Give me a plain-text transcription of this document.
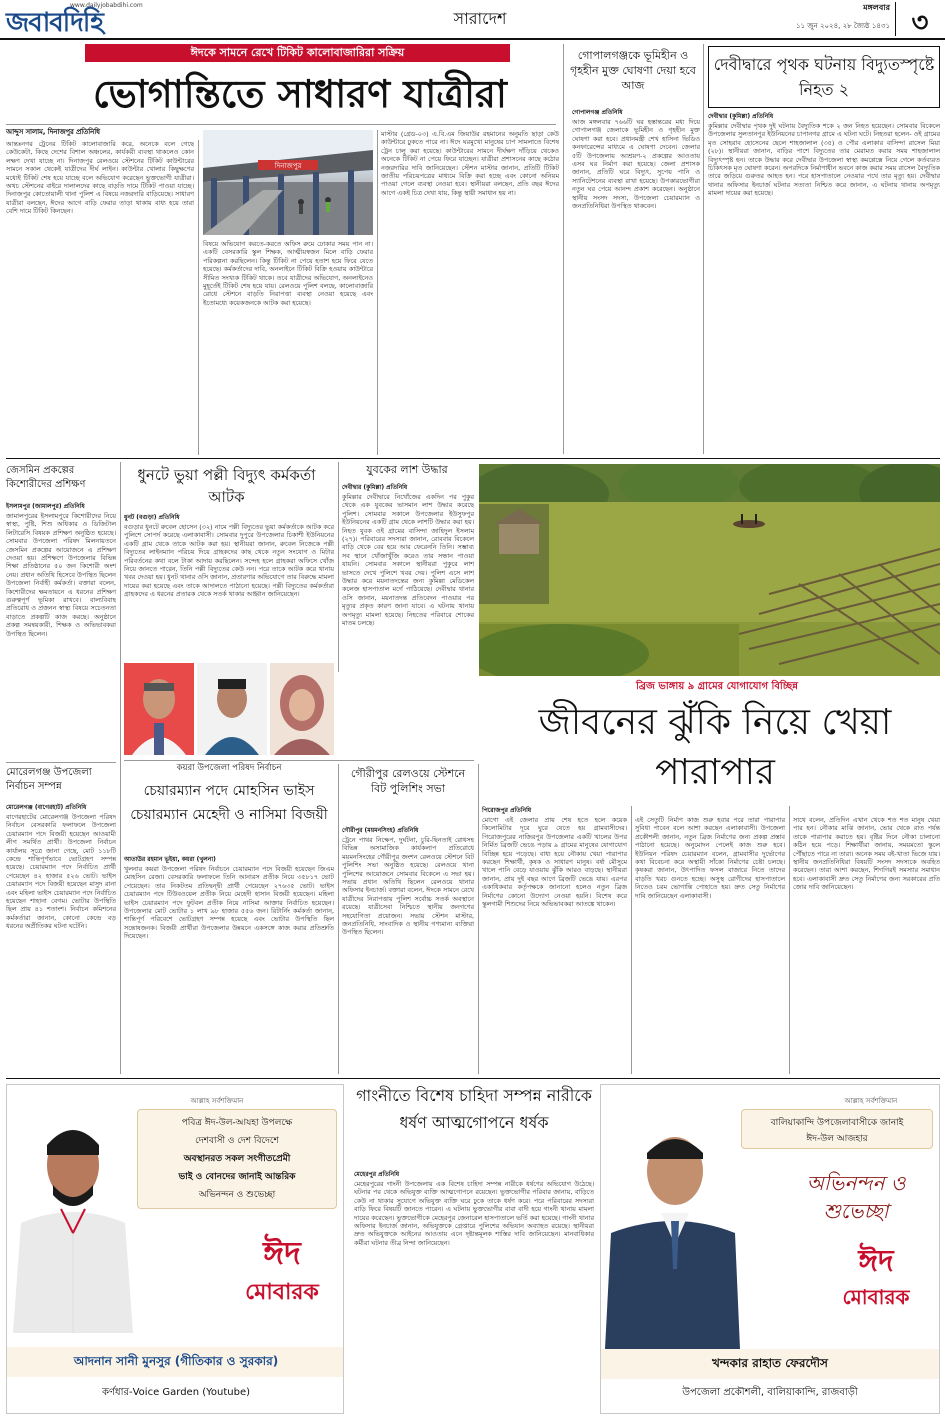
জবাবদিহি
www.dailyjobabdihi.com
সারাদেশ
মঙ্গলবার
১১ জুন ২০২৪, ২৮ জ্যৈষ্ঠ ১৪৩১ ৩
ঈদকে সামনে রেখে টিকিট কালোবাজারিরা সক্রিয়
ভোগান্তিতে সাধারণ যাত্রীরা
আব্দুস সালাম, দিনাজপুর প্রতিনিধি
আন্তঃনগর ট্রেনের টিকিট কালোবাজারি করে, অনেকে বলে গেছে কেউকেটা, কিছে দেশের বিশাল অঞ্চলের, কার্যকরী ব্যবস্থা থাকলেও কোন লক্ষণ দেখা যাচ্ছে না। দিনাজপুর রেলওয়ে স্টেশনের টিকিট কাউন্টারের সামনে সকাল থেকেই যাত্রীদের দীর্ঘ লাইন। কাউন্টার খোলার কিছুক্ষণের মধ্যেই টিকিট শেষ হয়ে যাচ্ছে বলে অভিযোগ করেছেন ভুক্তভোগী যাত্রীরা। অথচ স্টেশনের বাইরে দালালদের কাছে বাড়তি দামে টিকিট পাওয়া যাচ্ছে। দিনাজপুর কোতোয়ালী থানা পুলিশ এ বিষয়ে নজরদারি বাড়িয়েছে। সাধারণ যাত্রীরা বলছেন, ঈদের আগে বাড়ি ফেরার তাড়া থাকায় বাধ্য হয়ে তারা বেশি দামে টিকিট কিনছেন।
দিনাজপুর
বিষয়ে অভিযোগ করতে-করতে অফিস রুমে ঢোকার সময় পান না। একটি বেসরকারি স্কুল শিক্ষক, আত্মীয়স্বজন মিলে বাড়ি ফেরার পরিকল্পনা করছিলেন। কিন্তু টিকিট না পেয়ে হতাশ হয়ে ফিরে যেতে হয়েছে। কর্মকর্তাদের দাবি, অনলাইনে টিকিট বিক্রি হওয়ায় কাউন্টারে সীমিত সংখ্যক টিকিট থাকে। তবে যাত্রীদের অভিযোগ, অনলাইনেও মুহূর্তেই টিকিট শেষ হয়ে যায়। রেলওয়ে পুলিশ বলছে, কালোবাজারি রোধে স্টেশনে বাড়তি নিরাপত্তা ব্যবস্থা নেওয়া হয়েছে এবং ইতোমধ্যে কয়েকজনকে আটক করা হয়েছে।
মাস্টার (গ্রেড-০৩) এ.বি.এম জিয়াউর রহমানের অনুমতি ছাড়া কেউ কাউন্টারে ঢুকতে পারে না। ঈদে ঘরমুখো মানুষের চাপ সামলাতে বিশেষ ট্রেন চালু করা হয়েছে। কাউন্টারের সামনে দীর্ঘক্ষণ দাঁড়িয়ে থেকেও অনেকে টিকিট না পেয়ে ফিরে যাচ্ছেন। যাত্রীরা প্রশাসনের কাছে কঠোর নজরদারির দাবি জানিয়েছেন। স্টেশন মাস্টার জানান, প্রতিটি টিকিট জাতীয় পরিচয়পত্রের মাধ্যমে বিক্রি করা হচ্ছে এবং কোনো অনিয়ম পাওয়া গেলে ব্যবস্থা নেওয়া হবে। স্থানীয়রা বলছেন, প্রতি বছর ঈদের আগে একই চিত্র দেখা যায়, কিন্তু স্থায়ী সমাধান হয় না।
গোপালগঞ্জকে ভূমিহীন ও গৃহহীন মুক্ত ঘোষণা দেয়া হবে আজ
গোপালগঞ্জ প্রতিনিধি
আজ মঙ্গলবার ৭৬৬টি ঘর হস্তান্তরের মধ্য দিয়ে গোপালগঞ্জ জেলাকে ভূমিহীন ও গৃহহীন মুক্ত ঘোষণা করা হবে। প্রধানমন্ত্রী শেখ হাসিনা ভিডিও কনফারেন্সের মাধ্যমে এ ঘোষণা দেবেন। জেলার ৫টি উপজেলায় আশ্রয়ণ-২ প্রকল্পের আওতায় এসব ঘর নির্মাণ করা হয়েছে। জেলা প্রশাসক জানান, প্রতিটি ঘরে বিদ্যুৎ, সুপেয় পানি ও স্যানিটেশনের ব্যবস্থা রাখা হয়েছে। উপকারভোগীরা নতুন ঘর পেয়ে আনন্দ প্রকাশ করেছেন। অনুষ্ঠানে স্থানীয় সংসদ সদস্য, উপজেলা চেয়ারম্যান ও জনপ্রতিনিধিরা উপস্থিত থাকবেন।
দেবীদ্বারে পৃথক ঘটনায় বিদ্যুতস্পৃষ্টে নিহত ২
দেবীদ্বার (কুমিল্লা) প্রতিনিধি
কুমিল্লার দেবীদ্বার পৃথক দুই ঘটনায় বৈদ্যুতিক শকে ২ জন নিহত হয়েছেন। সোমবার বিকেলে উপজেলার সুলতানপুর ইউনিয়নের চাপানগর গ্রামে এ ঘটনা ঘটে। নিহতরা হলেন- ওই গ্রামের মৃত সোহরাব হোসেনের ছেলে শাহজালাল (৩৫) ও পৌর এলাকার বাসিন্দা রাসেল মিয়া (২৮)। স্থানীয়রা জানান, বাড়ির পাশে বিদ্যুতের তার মেরামত করার সময় শাহজালাল বিদ্যুৎস্পৃষ্ট হন। তাকে উদ্ধার করে দেবীদ্বার উপজেলা স্বাস্থ্য কমপ্লেক্সে নিয়ে গেলে কর্তব্যরত চিকিৎসক মৃত ঘোষণা করেন। অপরদিকে নির্মাণাধীন ভবনে কাজ করার সময় রাসেল বৈদ্যুতিক তারে জড়িয়ে গুরুতর আহত হন। পরে হাসপাতালে নেওয়ার পথে তার মৃত্যু হয়। দেবীদ্বার থানার অফিসার ইনচার্জ ঘটনার সত্যতা নিশ্চিত করে জানান, এ ঘটনায় থানায় অপমৃত্যু মামলা দায়ের করা হয়েছে।
জেসমিন প্রকল্পের কিশোরীদের প্রশিক্ষণ
ইসলামপুর (জামালপুর) প্রতিনিধি
জামালপুরের ইসলামপুরে কিশোরীদের নিয়ে স্বাস্থ্য, পুষ্টি, শিশু অধিকার ও ডিজিটাল লিটারেসি বিষয়ক প্রশিক্ষণ অনুষ্ঠিত হয়েছে। সোমবার উপজেলা পরিষদ মিলনায়তনে জেসমিন প্রকল্পের আয়োজনে এ প্রশিক্ষণ দেওয়া হয়। প্রশিক্ষণে উপজেলার বিভিন্ন শিক্ষা প্রতিষ্ঠানের ৫০ জন কিশোরী অংশ নেয়। প্রধান অতিথি হিসেবে উপস্থিত ছিলেন উপজেলা নির্বাহী কর্মকর্তা। বক্তারা বলেন, কিশোরীদের ক্ষমতায়নে এ ধরনের প্রশিক্ষণ গুরুত্বপূর্ণ ভূমিকা রাখবে। বাল্যবিবাহ প্রতিরোধ ও প্রজনন স্বাস্থ্য বিষয়ে সচেতনতা বাড়াতে প্রকল্পটি কাজ করছে। অনুষ্ঠানে প্রকল্প সমন্বয়কারী, শিক্ষক ও অভিভাবকরা উপস্থিত ছিলেন।
মোরেলগঞ্জ উপজেলা নির্বাচন সম্পন্ন
মোরেলগঞ্জ (বাগেরহাট) প্রতিনিধি
বাগেরহাটের মোরেলগঞ্জ উপজেলা পরিষদ নির্বাচন বেসরকারি ফলাফলে উপজেলা চেয়ারম্যান পদে বিজয়ী হয়েছেন আওয়ামী লীগ সমর্থিত প্রার্থী। উপজেলা নির্বাচন কার্যালয় সূত্রে জানা গেছে, মোট ১১৮টি কেন্দ্রে শান্তিপূর্ণভাবে ভোটগ্রহণ সম্পন্ন হয়েছে। চেয়ারম্যান পদে নির্বাচিত প্রার্থী পেয়েছেন ৪২ হাজার ৫২৬ ভোট। ভাইস চেয়ারম্যান পদে বিজয়ী হয়েছেন মাসুদ রানা এবং মহিলা ভাইস চেয়ারম্যান পদে নির্বাচিত হয়েছেন শাহানা বেগম। ভোটার উপস্থিতি ছিল প্রায় ৪১ শতাংশ। নির্বাচন কমিশনের কর্মকর্তারা জানান, কোনো কেন্দ্রে বড় ধরনের অপ্রীতিকর ঘটনা ঘটেনি।
ধুনটে ভুয়া পল্লী বিদ্যুৎ কর্মকর্তা আটক
ধুনট (বগুড়া) প্রতিনিধি
বগুড়ার ধুনটে রুবেল হোসেন (৩২) নামে পল্লী বিদ্যুতের ভুয়া কর্মকর্তাকে আটক করে পুলিশে সোপর্দ করেছে এলাকাবাসী। সোমবার দুপুরে উপজেলার চিকাশী ইউনিয়নের একটি গ্রাম থেকে তাকে আটক করা হয়। স্থানীয়রা জানান, রুবেল নিজেকে পল্লী বিদ্যুতের লাইনম্যান পরিচয় দিয়ে গ্রাহকদের কাছ থেকে নতুন সংযোগ ও মিটার পরিবর্তনের কথা বলে টাকা আদায় করছিলেন। সন্দেহ হলে গ্রাহকরা অফিসে খোঁজ নিয়ে জানতে পারেন, তিনি পল্লী বিদ্যুতের কেউ নন। পরে তাকে আটক করে থানায় খবর দেওয়া হয়। ধুনট থানার ওসি জানান, প্রতারণার অভিযোগে তার বিরুদ্ধে মামলা দায়ের করা হয়েছে এবং তাকে আদালতে পাঠানো হয়েছে। পল্লী বিদ্যুতের কর্মকর্তারা গ্রাহকদের এ ধরনের প্রতারক থেকে সতর্ক থাকার আহ্বান জানিয়েছেন।
যুবকের লাশ উদ্ধার
দেবীদ্বার (কুমিল্লা) প্রতিনিধি
কুমিল্লার দেবীদ্বারে নিখোঁজের একদিন পর পুকুর থেকে এক যুবকের ভাসমান লাশ উদ্ধার করেছে পুলিশ। সোমবার সকালে উপজেলার ইউসুফপুর ইউনিয়নের একটি গ্রাম থেকে লাশটি উদ্ধার করা হয়। নিহত যুবক ওই গ্রামের বাসিন্দা জাহিদুল ইসলাম (২৭)। পরিবারের সদস্যরা জানান, রোববার বিকেলে বাড়ি থেকে বের হয়ে আর ফেরেননি তিনি। সম্ভাব্য সব স্থানে খোঁজাখুঁজি করেও তার সন্ধান পাওয়া যায়নি। সোমবার সকালে স্থানীয়রা পুকুরে লাশ ভাসতে দেখে পুলিশে খবর দেয়। পুলিশ এসে লাশ উদ্ধার করে ময়নাতদন্তের জন্য কুমিল্লা মেডিকেল কলেজ হাসপাতাল মর্গে পাঠিয়েছে। দেবীদ্বার থানার ওসি জানান, ময়নাতদন্ত প্রতিবেদন পাওয়ার পর মৃত্যুর প্রকৃত কারণ জানা যাবে। এ ঘটনায় থানায় অপমৃত্যু মামলা হয়েছে। নিহতের পরিবারে শোকের মাতম চলছে।
ব্রিজ ভাঙ্গায় ৯ গ্রামের যোগাযোগ বিচ্ছিন্ন
জীবনের ঝুঁকি নিয়ে খেয়া পারাপার
কয়রা উপজেলা পরিষদ নির্বাচন
চেয়ারম্যান পদে মোহসিন ভাইস চেয়ারম্যান মেহেদী ও নাসিমা বিজয়ী
আতাউর রহমান ভূইয়া, কয়রা (খুলনা)
খুলনার কয়রা উপজেলা পরিষদ নির্বাচনে চেয়ারম্যান পদে বিজয়ী হয়েছেন জিএম মোহসিন রেজা। বেসরকারি ফলাফলে তিনি আনারস প্রতীক নিয়ে ৩৫৮১৭ ভোট পেয়েছেন। তার নিকটতম প্রতিদ্বন্দ্বী প্রার্থী পেয়েছেন ২৭৬৩৫ ভোট। ভাইস চেয়ারম্যান পদে টিউবওয়েল প্রতীক নিয়ে মেহেদী হাসান বিজয়ী হয়েছেন। মহিলা ভাইস চেয়ারম্যান পদে ফুটবল প্রতীক নিয়ে নাসিমা আক্তার নির্বাচিত হয়েছেন। উপজেলার মোট ভোটার ১ লাখ ৯৮ হাজার ৫৫৬ জন। রিটার্নিং কর্মকর্তা জানান, শান্তিপূর্ণ পরিবেশে ভোটগ্রহণ সম্পন্ন হয়েছে এবং ভোটার উপস্থিতি ছিল সন্তোষজনক। বিজয়ী প্রার্থীরা উপজেলার উন্নয়নে একসঙ্গে কাজ করার প্রতিশ্রুতি দিয়েছেন।
গৌরীপুর রেলওয়ে স্টেশনে বিট পুলিশিং সভা
গৌরীপুর (ময়মনসিংহ) প্রতিনিধি
ট্রেনে পাথর নিক্ষেপ, দুর্ঘটনা, চুরি-ছিনতাই রোধসহ বিভিন্ন অসামাজিক কার্যকলাপ প্রতিরোধে ময়মনসিংহের গৌরীপুর জংশন রেলওয়ে স্টেশনে বিট পুলিশিং সভা অনুষ্ঠিত হয়েছে। রেলওয়ে থানা পুলিশের আয়োজনে সোমবার বিকেলে এ সভা হয়। সভায় প্রধান অতিথি ছিলেন রেলওয়ে থানার অফিসার ইনচার্জ। বক্তারা বলেন, ঈদকে সামনে রেখে যাত্রীদের নিরাপত্তায় পুলিশ সর্বোচ্চ সতর্ক অবস্থানে রয়েছে। যাত্রীসেবা নিশ্চিতে স্থানীয় জনগণের সহযোগিতা প্রয়োজন। সভায় স্টেশন মাস্টার, জনপ্রতিনিধি, সাংবাদিক ও স্থানীয় গণ্যমান্য ব্যক্তিরা উপস্থিত ছিলেন।
পিরোজপুর প্রতিনিধি
মোগো এই জেলার প্রায় শেষ হতে হলে কয়েক কিলোমিটার দূরে ঘুরে যেতে হয় গ্রামবাসীদের। পিরোজপুরের নাজিরপুর উপজেলার একটি খালের উপর নির্মিত ব্রিজটি ভেঙে পড়ায় ৯ গ্রামের মানুষের যোগাযোগ বিচ্ছিন্ন হয়ে পড়েছে। বাধ্য হয়ে নৌকায় খেয়া পারাপার করছেন শিক্ষার্থী, কৃষক ও সাধারণ মানুষ। বর্ষা মৌসুমে খালে পানি বেড়ে যাওয়ায় ঝুঁকি আরও বাড়ছে। স্থানীয়রা জানান, প্রায় দুই বছর আগে ব্রিজটি ভেঙে যায়। এরপর একাধিকবার কর্তৃপক্ষকে জানানো হলেও নতুন ব্রিজ নির্মাণের কোনো উদ্যোগ নেওয়া হয়নি। বিশেষ করে স্কুলগামী শিশুদের নিয়ে অভিভাবকরা আতঙ্কে থাকেন।
এই সেতুটি নির্মাণ কাজ শুরু হবার পরে তারা পারাপার সুবিধা পাবেন বলে আশা করছেন এলাকাবাসী। উপজেলা প্রকৌশলী জানান, নতুন ব্রিজ নির্মাণের জন্য প্রকল্প প্রস্তাব পাঠানো হয়েছে। অনুমোদন পেলেই কাজ শুরু হবে। ইউনিয়ন পরিষদ চেয়ারম্যান বলেন, গ্রামবাসীর দুর্ভোগের কথা বিবেচনা করে অস্থায়ী সাঁকো নির্মাণের চেষ্টা চলছে। কৃষকরা জানান, উৎপাদিত ফসল বাজারে নিতে তাদের বাড়তি খরচ গুনতে হচ্ছে। অসুস্থ রোগীদের হাসপাতালে নিতেও চরম ভোগান্তি পোহাতে হয়। দ্রুত সেতু নির্মাণের দাবি জানিয়েছেন এলাকাবাসী।
সাথে বলেন, প্রতিদিন এখান থেকে শত শত মানুষ খেয়া পার হন। নৌকার মাঝি জানান, ভোর থেকে রাত পর্যন্ত তাকে পারাপার করাতে হয়। বৃষ্টির দিনে নৌকা চালানো কঠিন হয়ে পড়ে। শিক্ষার্থীরা জানায়, সময়মতো স্কুলে পৌঁছাতে পারে না তারা। অনেক সময় বই-খাতা ভিজে যায়। স্থানীয় জনপ্রতিনিধিরা বিষয়টি সংসদ সদস্যকে অবহিত করেছেন। তারা আশা করছেন, শিগগিরই সমস্যার সমাধান হবে। এলাকাবাসী দ্রুত সেতু নির্মাণের জন্য সরকারের প্রতি জোর দাবি জানিয়েছেন।
আল্লাহ সর্বশক্তিমান
পবিত্র ঈদ-উল-আযহা উপলক্ষে
দেশবাসী ও দেশ বিদেশে
অবস্থানরত সকল সংগীতপ্রেমী
ভাই ও বোনদের জানাই আন্তরিক
অভিনন্দন ও শুভেচ্ছা
ঈদ
মোবারক
আদনান সানী মুনসুর (গীতিকার ও সুরকার)
কর্ণধার-Voice Garden (Youtube)
গাংনীতে বিশেষ চাহিদা সম্পন্ন নারীকে ধর্ষণ আত্মগোপনে ধর্ষক
মেহেরপুর প্রতিনিধি
মেহেরপুরের গাংনী উপজেলায় এক বিশেষ চাহিদা সম্পন্ন নারীকে ধর্ষণের অভিযোগ উঠেছে। ঘটনার পর থেকে অভিযুক্ত ব্যক্তি আত্মগোপনে রয়েছেন। ভুক্তভোগীর পরিবার জানায়, বাড়িতে কেউ না থাকার সুযোগে অভিযুক্ত ব্যক্তি ঘরে ঢুকে তাকে ধর্ষণ করে। পরে পরিবারের সদস্যরা বাড়ি ফিরে বিষয়টি জানতে পারেন। এ ঘটনায় ভুক্তভোগীর বাবা বাদী হয়ে গাংনী থানায় মামলা দায়ের করেছেন। ভুক্তভোগীকে মেহেরপুর জেনারেল হাসপাতালে ভর্তি করা হয়েছে। গাংনী থানার অফিসার ইনচার্জ জানান, অভিযুক্তকে গ্রেপ্তারে পুলিশের অভিযান অব্যাহত রয়েছে। স্থানীয়রা দ্রুত অভিযুক্তকে আইনের আওতায় এনে দৃষ্টান্তমূলক শাস্তির দাবি জানিয়েছেন। মানবাধিকার কর্মীরা ঘটনার তীব্র নিন্দা জানিয়েছেন।
আল্লাহ সর্বশক্তিমান
বালিয়াকান্দি উপজেলাবাসীকে জানাই
ঈদ-উল আজহার
অভিনন্দন ও
শুভেচ্ছা
ঈদ
মোবারক
খন্দকার রাহাত ফেরদৌস
উপজেলা প্রকৌশলী, বালিয়াকান্দি, রাজবাড়ী
